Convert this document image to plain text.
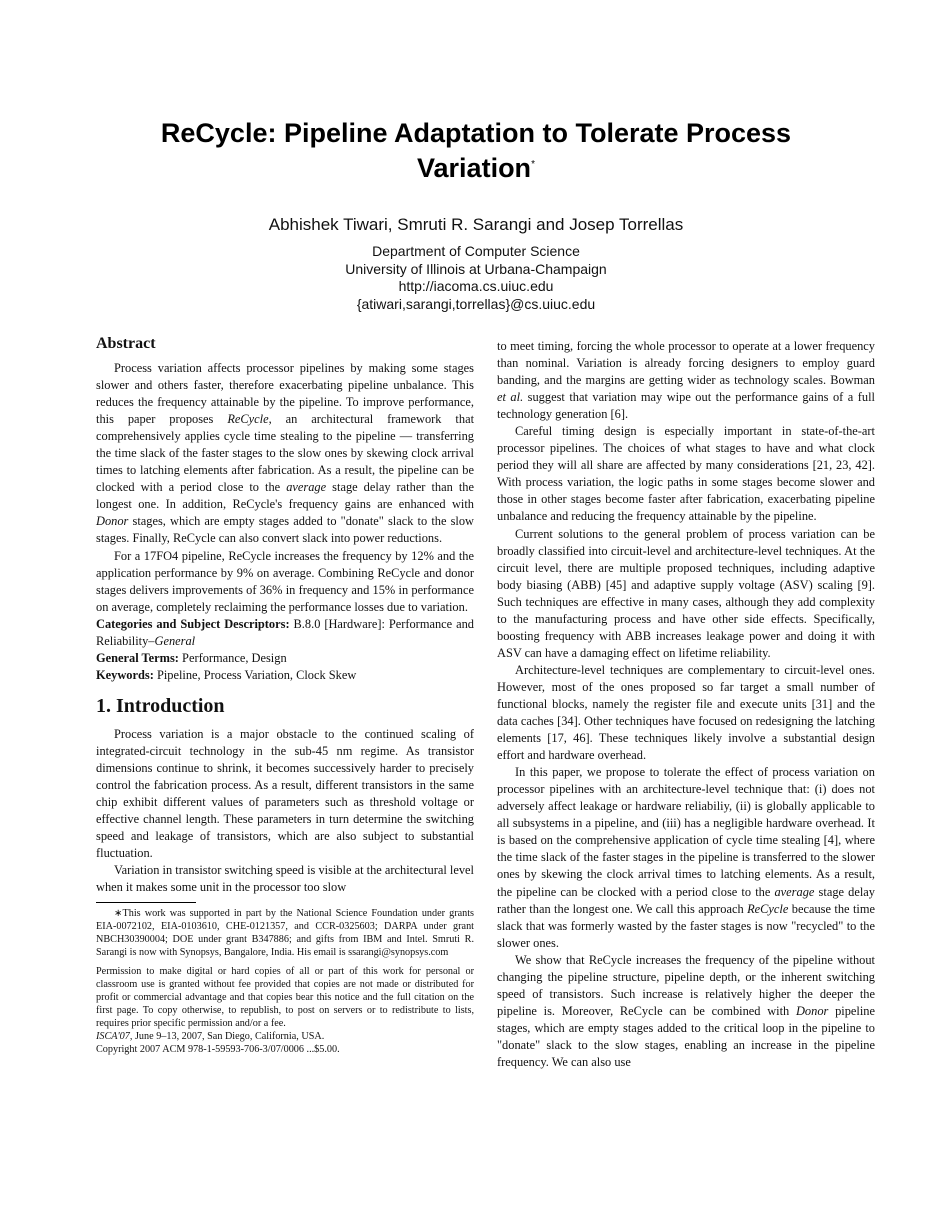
ReCycle: Pipeline Adaptation to Tolerate Process
Variation*
Abhishek Tiwari, Smruti R. Sarangi and Josep Torrellas
Department of Computer Science
University of Illinois at Urbana-Champaign
http://iacoma.cs.uiuc.edu
{atiwari,sarangi,torrellas}@cs.uiuc.edu
Abstract

Process variation affects processor pipelines by making some stages slower and others faster, therefore exacerbating pipeline unbalance. This reduces the frequency attainable by the pipeline. To improve performance, this paper proposes ReCycle, an architectural framework that comprehensively applies cycle time stealing to the pipeline — transferring the time slack of the faster stages to the slow ones by skewing clock arrival times to latching elements after fabrication. As a result, the pipeline can be clocked with a period close to the average stage delay rather than the longest one. In addition, ReCycle's frequency gains are enhanced with Donor stages, which are empty stages added to "donate" slack to the slow stages. Finally, ReCycle can also convert slack into power reductions.

For a 17FO4 pipeline, ReCycle increases the frequency by 12% and the application performance by 9% on average. Combining ReCycle and donor stages delivers improvements of 36% in frequency and 15% in performance on average, completely reclaiming the performance losses due to variation.

Categories and Subject Descriptors: B.8.0 [Hardware]: Performance and Reliability–General

General Terms: Performance, Design

Keywords: Pipeline, Process Variation, Clock Skew

1. Introduction

Process variation is a major obstacle to the continued scaling of integrated-circuit technology in the sub-45 nm regime. As transistor dimensions continue to shrink, it becomes successively harder to precisely control the fabrication process. As a result, different transistors in the same chip exhibit different values of parameters such as threshold voltage or effective channel length. These parameters in turn determine the switching speed and leakage of transistors, which are also subject to substantial fluctuation.

Variation in transistor switching speed is visible at the architectural level when it makes some unit in the processor too slow

∗This work was supported in part by the National Science Foundation under grants EIA-0072102, EIA-0103610, CHE-0121357, and CCR-0325603; DARPA under grant NBCH30390004; DOE under grant B347886; and gifts from IBM and Intel. Smruti R. Sarangi is now with Synopsys, Bangalore, India. His email is ssarangi@synopsys.com

Permission to make digital or hard copies of all or part of this work for personal or classroom use is granted without fee provided that copies are not made or distributed for profit or commercial advantage and that copies bear this notice and the full citation on the first page. To copy otherwise, to republish, to post on servers or to redistribute to lists, requires prior specific permission and/or a fee.
ISCA'07, June 9–13, 2007, San Diego, California, USA.
Copyright 2007 ACM 978-1-59593-706-3/07/0006 ...$5.00.

to meet timing, forcing the whole processor to operate at a lower frequency than nominal. Variation is already forcing designers to employ guard banding, and the margins are getting wider as technology scales. Bowman et al. suggest that variation may wipe out the performance gains of a full technology generation [6].

Careful timing design is especially important in state-of-the-art processor pipelines. The choices of what stages to have and what clock period they will all share are affected by many considerations [21, 23, 42]. With process variation, the logic paths in some stages become slower and those in other stages become faster after fabrication, exacerbating pipeline unbalance and reducing the frequency attainable by the pipeline.

Current solutions to the general problem of process variation can be broadly classified into circuit-level and architecture-level techniques. At the circuit level, there are multiple proposed techniques, including adaptive body biasing (ABB) [45] and adaptive supply voltage (ASV) scaling [9]. Such techniques are effective in many cases, although they add complexity to the manufacturing process and have other side effects. Specifically, boosting frequency with ABB increases leakage power and doing it with ASV can have a damaging effect on lifetime reliability.

Architecture-level techniques are complementary to circuit-level ones. However, most of the ones proposed so far target a small number of functional blocks, namely the register file and execute units [31] and the data caches [34]. Other techniques have focused on redesigning the latching elements [17, 46]. These techniques likely involve a substantial design effort and hardware overhead.

In this paper, we propose to tolerate the effect of process variation on processor pipelines with an architecture-level technique that: (i) does not adversely affect leakage or hardware reliabiliy, (ii) is globally applicable to all subsystems in a pipeline, and (iii) has a negligible hardware overhead. It is based on the comprehensive application of cycle time stealing [4], where the time slack of the faster stages in the pipeline is transferred to the slower ones by skewing the clock arrival times to latching elements. As a result, the pipeline can be clocked with a period close to the average stage delay rather than the longest one. We call this approach ReCycle because the time slack that was formerly wasted by the faster stages is now "recycled" to the slower ones.

We show that ReCycle increases the frequency of the pipeline without changing the pipeline structure, pipeline depth, or the inherent switching speed of transistors. Such increase is relatively higher the deeper the pipeline is. Moreover, ReCycle can be combined with Donor pipeline stages, which are empty stages added to the critical loop in the pipeline to "donate" slack to the slow stages, enabling an increase in the pipeline frequency. We can also use
